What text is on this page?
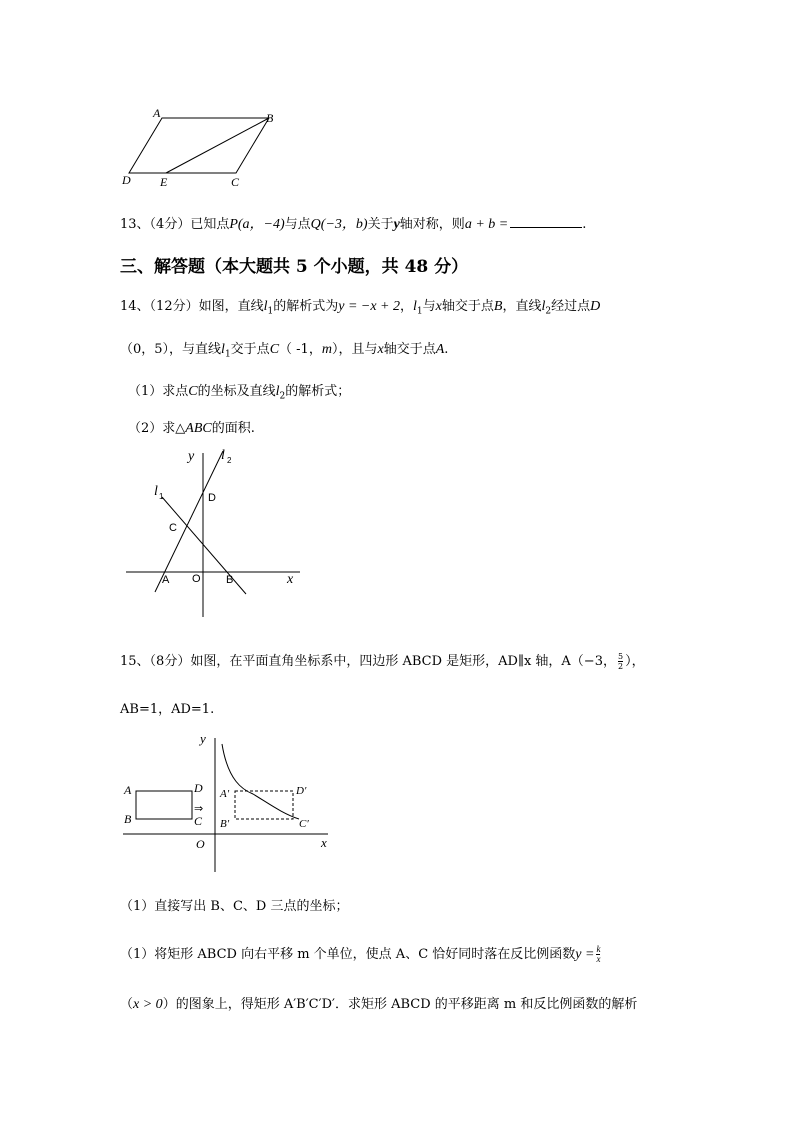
A	B
C
D E
13、（4分）已知点P(a，−4)与点Q(−3，b)关于y轴对称，则a + b =	.
三、解答题（本大题共 5 个小题，共 48 分）
14、（12分）如图，直线$l_1$的解析式为y = −x + 2，$l_1$与x轴交于点B，直线$l_2$经过点D
（0，5），与直线$l_1$交于点C（ -1，m），且与x轴交于点A.
（1）求点C的坐标及直线$l_2$的解析式；
（2）求△ABC的面积.
y l 2
l 1	D
C
A O B	x
15、（8分）如图，在平面直角坐标系中，四边形 ABCD 是矩形，AD∥x 轴，A（−3， $\frac{5}{2}$ ），
AB=1，AD=1.
y
x
O
A
B
D
⇒
C
A′
B′
D′
C′
（1）直接写出 B、C、D 三点的坐标；
（1）将矩形 ABCD 向右平移 m 个单位，使点 A、C 恰好同时落在反比例函数$y = \frac{k}{x}$
（x > 0）的图象上，得矩形 A′B′C′D′．求矩形 ABCD 的平移距离 m 和反比例函数的解析
